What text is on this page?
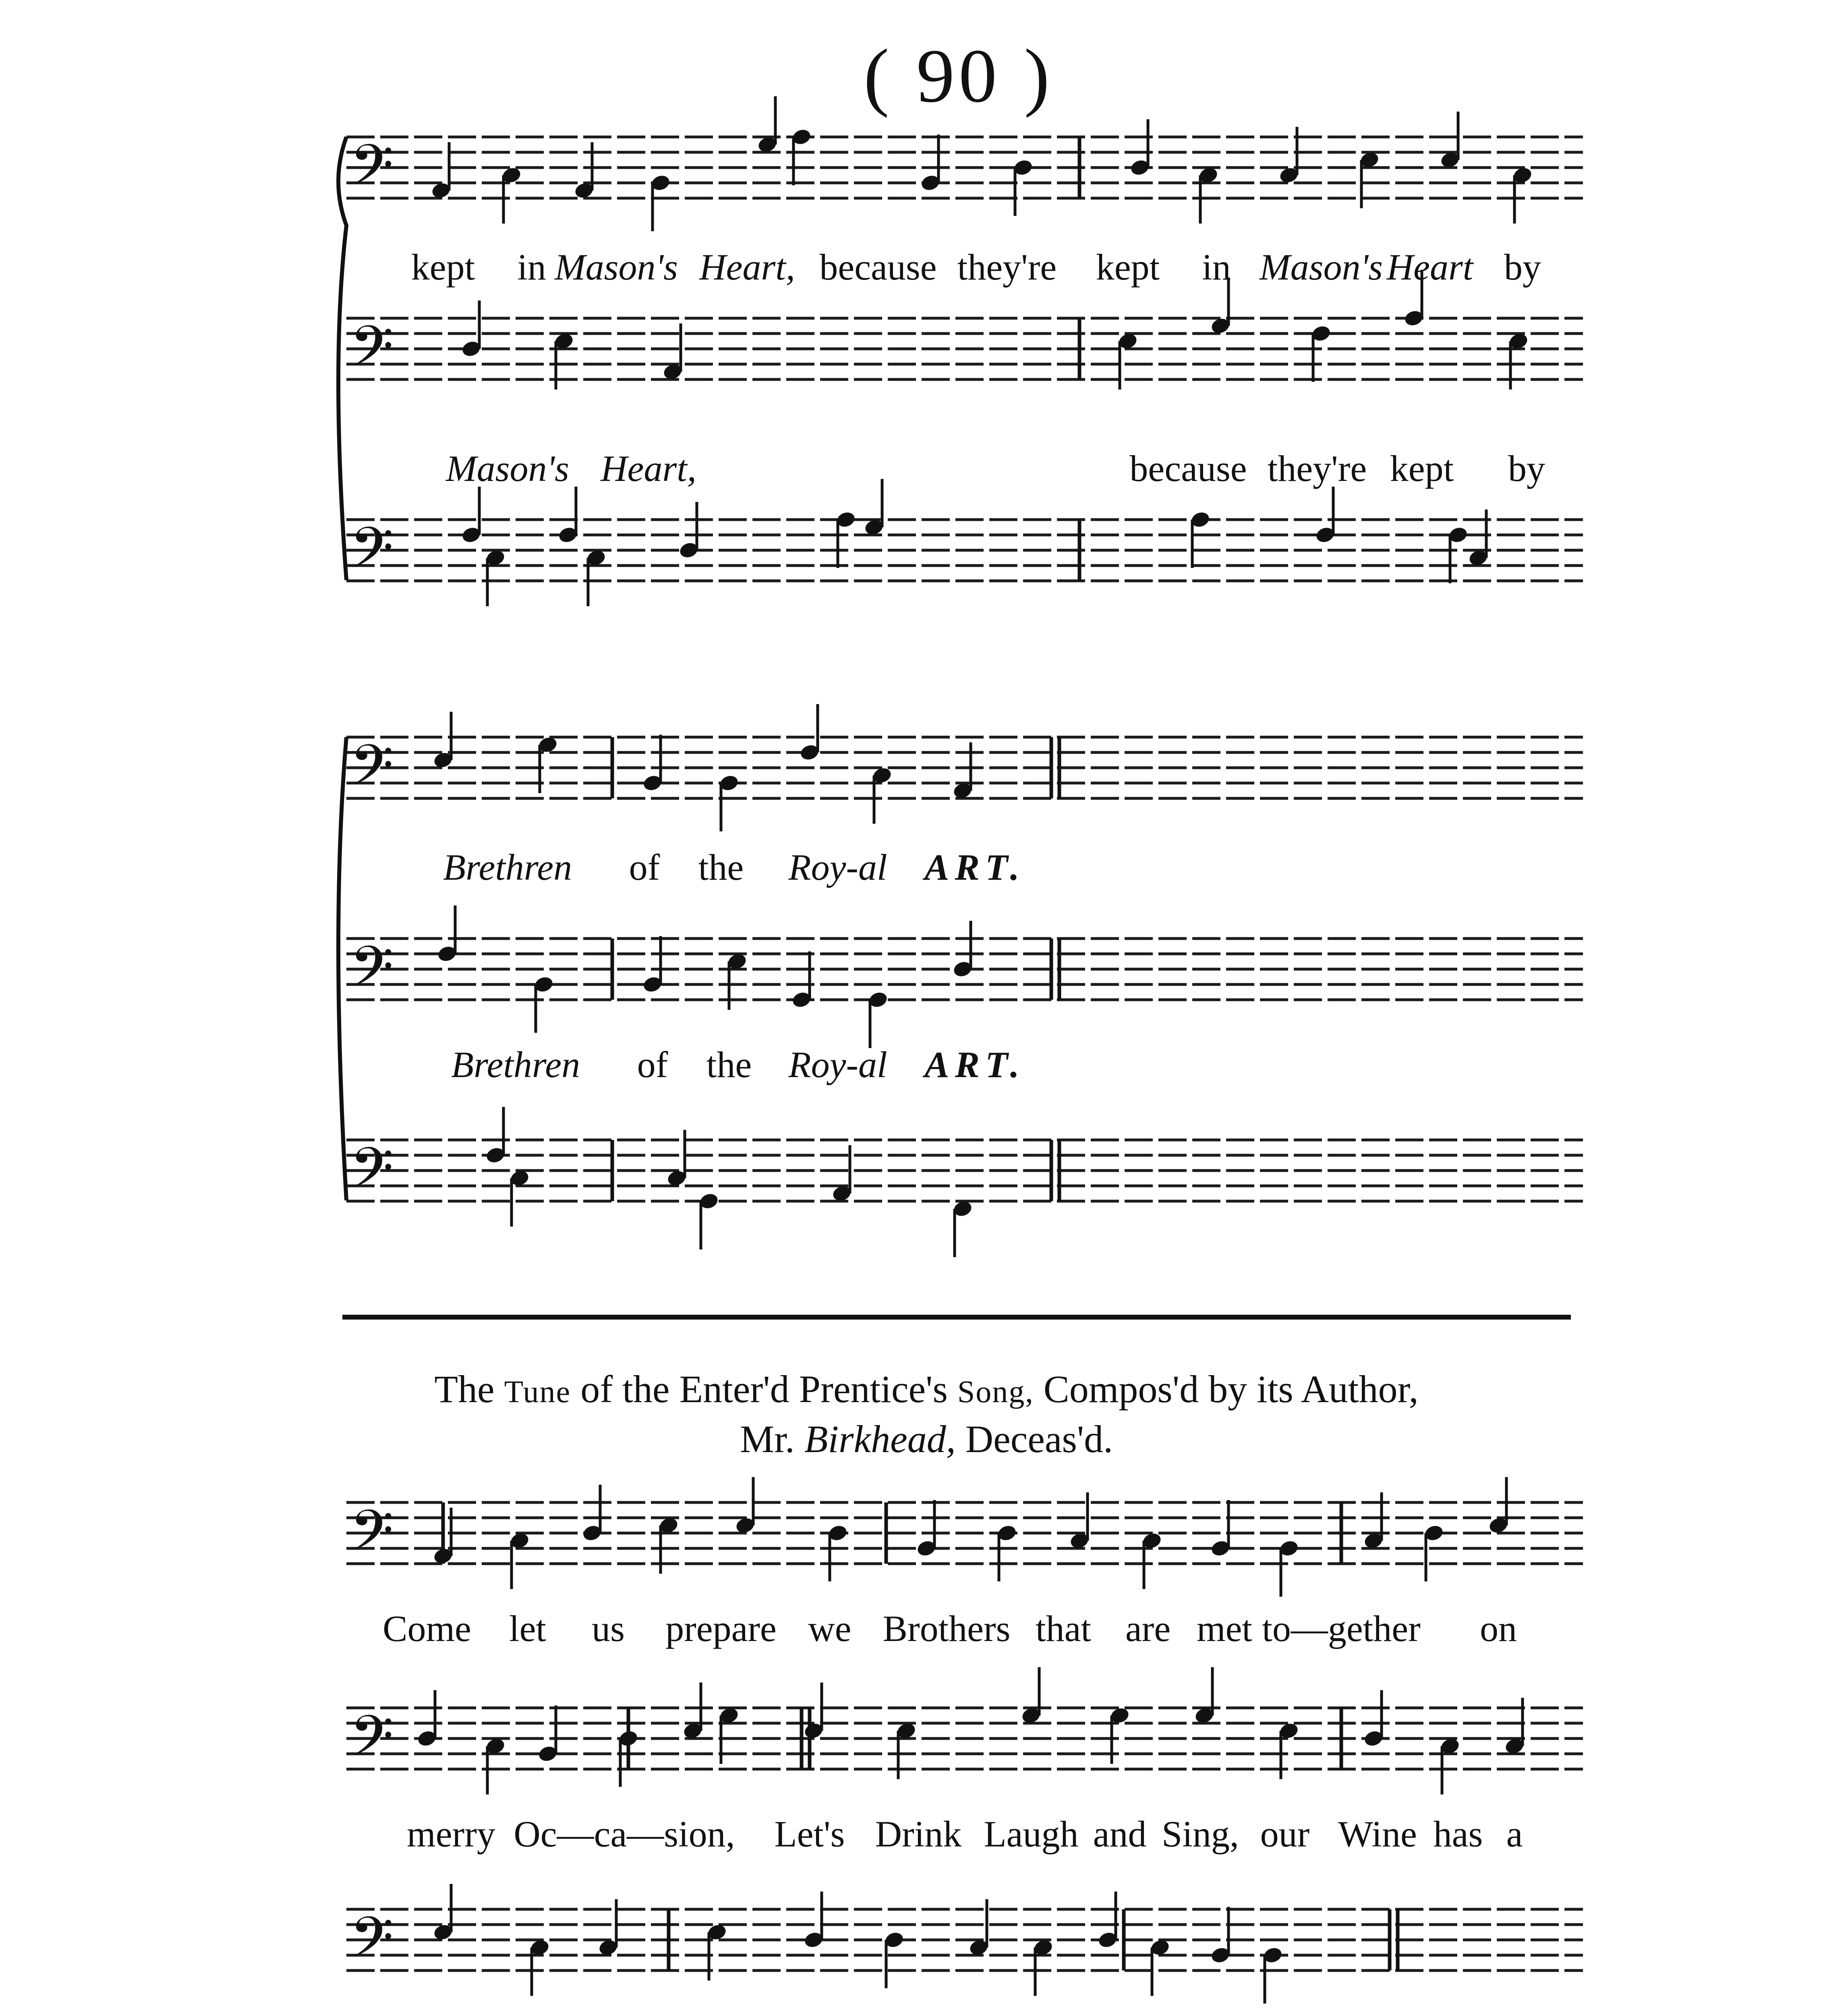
( 90 )
𝄢
𝄢
𝄢
𝄢
𝄢
𝄢
𝄢
𝄢
𝄢
kept in Mason's Heart, because they're kept in Mason's Heart by
Mason's Heart,	because they're kept by
Brethren of the Roy-al ART.
Brethren of the Roy-al ART.
The Tune of the Enter'd Prentice's Song, Compos'd by its Author,
Mr. Birkhead, Deceas'd.
Come let us prepare we Brothers that are met to—gether on
merry Oc—ca—sion, Let's Drink Laugh and Sing, our Wine has a
